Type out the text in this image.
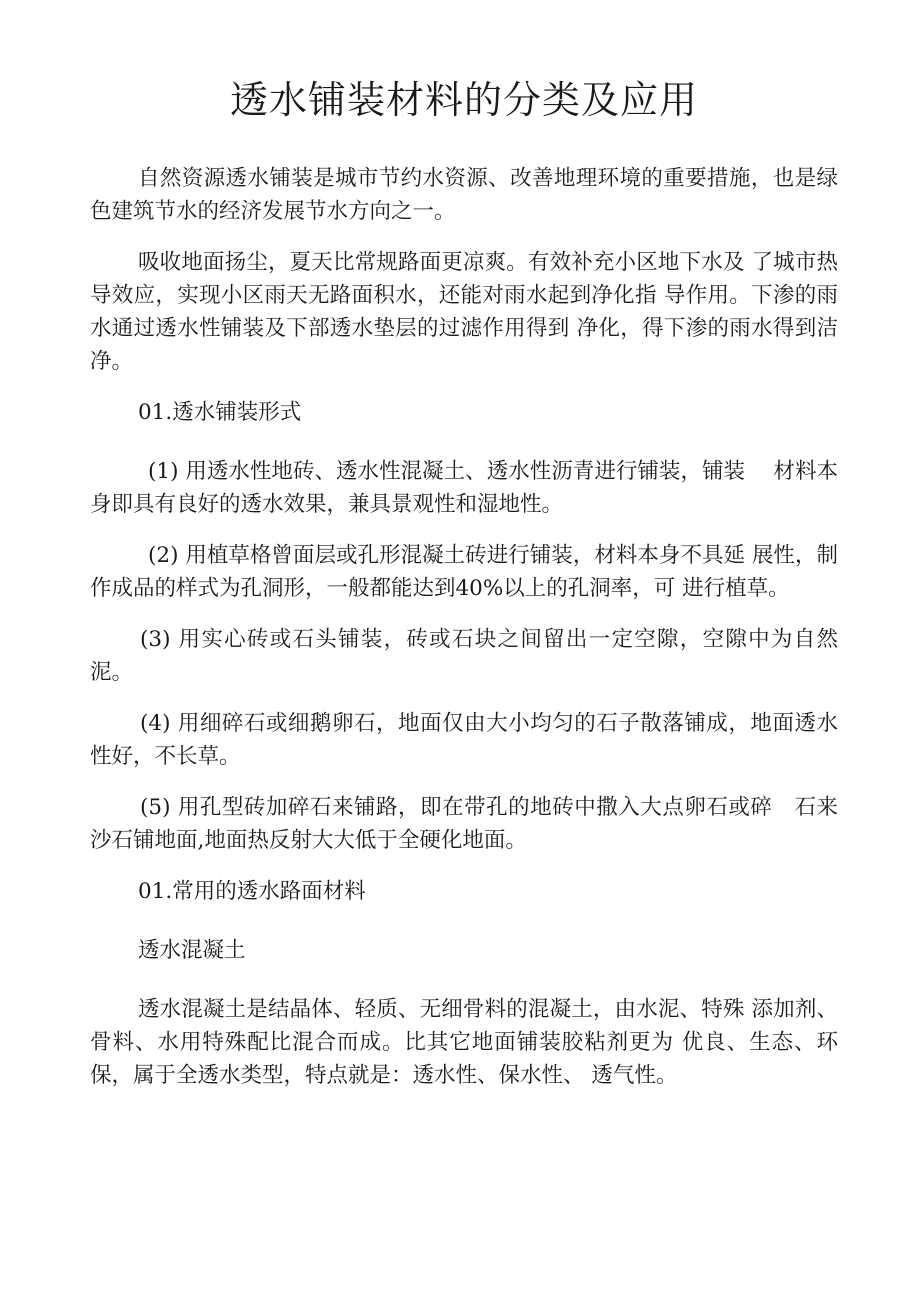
透水铺装材料的分类及应用

自然资源透水铺装是城市节约水资源、改善地理环境的重要措施，也是绿色建筑节水的经济发展节水方向之一。

吸收地面扬尘，夏天比常规路面更凉爽。有效补充小区地下水及 了城市热导效应，实现小区雨天无路面积水，还能对雨水起到净化指 导作用。下渗的雨水通过透水性铺装及下部透水垫层的过滤作用得到 净化，得下渗的雨水得到洁净。

01.透水铺装形式

(1) 用透水性地砖、透水性混凝土、透水性沥青进行铺装，铺装　 材料本身即具有良好的透水效果，兼具景观性和湿地性。

(2) 用植草格曾面层或孔形混凝土砖进行铺装，材料本身不具延 展性，制作成品的样式为孔洞形，一般都能达到40%以上的孔洞率，可 进行植草。

(3) 用实心砖或石头铺装，砖或石块之间留出一定空隙，空隙中为自然泥。

(4) 用细碎石或细鹅卵石，地面仅由大小均匀的石子散落铺成，地面透水性好，不长草。

(5) 用孔型砖加碎石来铺路，即在带孔的地砖中撒入大点卵石或碎　石来沙石铺地面,地面热反射大大低于全硬化地面。

01.常用的透水路面材料

透水混凝土

透水混凝土是结晶体、轻质、无细骨料的混凝土，由水泥、特殊 添加剂、骨料、水用特殊配比混合而成。比其它地面铺装胶粘剂更为 优良、生态、环保，属于全透水类型，特点就是：透水性、保水性、 透气性。
